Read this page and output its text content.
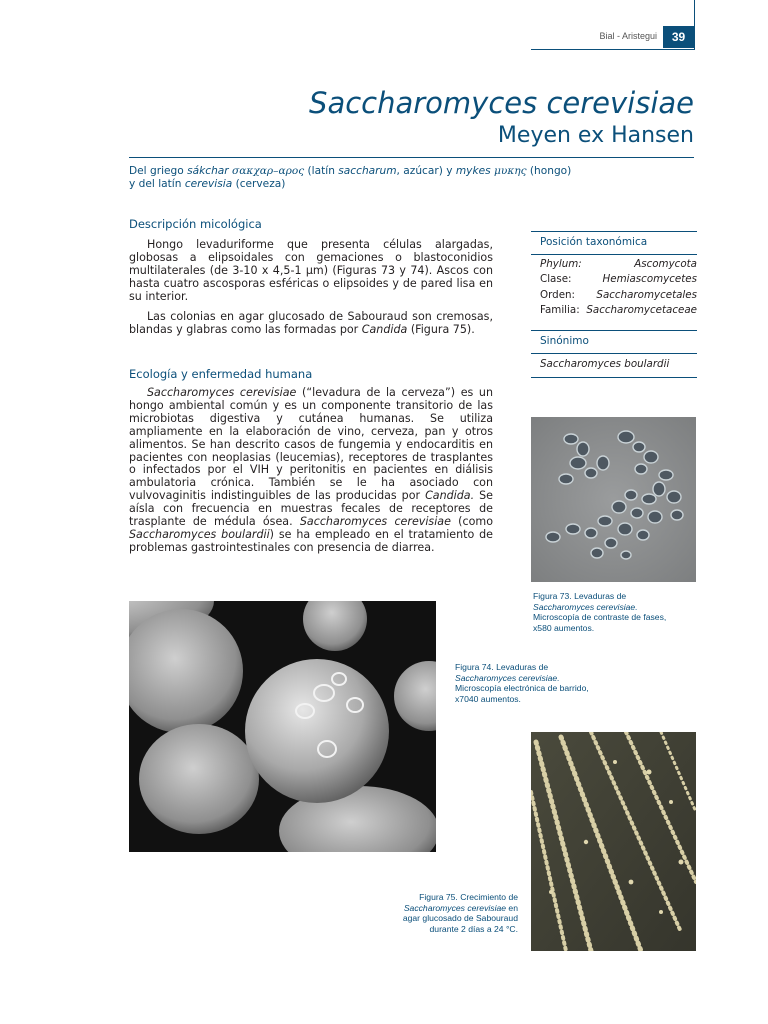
Bial - Aristegui	39
Saccharomyces cerevisiae
Meyen ex Hansen
Del griego sákchar σακχαρ–αρος (latín saccharum, azúcar) y mykes μυκης (hongo)
y del latín cerevisia (cerveza)
Descripción micológica

Hongo levaduriforme que presenta células alargadas, globosas a elipsoidales con gemaciones o blastoconidios multilaterales (de 3-10 x 4,5-1 μm) (Figuras 73 y 74). Ascos con hasta cuatro ascosporas esféricas o elipsoides y de pared lisa en su interior.

Las colonias en agar glucosado de Sabouraud son cremosas, blandas y glabras como las formadas por Candida (Figura 75).

Ecología y enfermedad humana

Saccharomyces cerevisiae (“levadura de la cerveza”) es un hongo ambiental común y es un componente transitorio de las microbiotas digestiva y cutánea humanas. Se utiliza ampliamente en la elaboración de vino, cerveza, pan y otros alimentos. Se han descrito casos de fungemia y endocarditis en pacientes con neoplasias (leucemias), receptores de trasplantes o infectados por el VIH y peritonitis en pacientes en diálisis ambulatoria crónica. También se le ha asociado con vulvovaginitis indistinguibles de las producidas por Candida. Se aísla con frecuencia en muestras fecales de receptores de trasplante de médula ósea. Saccharomyces cerevisiae (como Saccharomyces boulardii) se ha empleado en el tratamiento de problemas gastrointestinales con presencia de diarrea.

Posición taxonómica
Phylum:	Ascomycota
Clase:	Hemiascomycetes
Orden: Saccharomycetales
Familia: Saccharomycetaceae
Sinónimo
Saccharomyces boulardii
Figura 73. Levaduras de
Saccharomyces cerevisiae.
Microscopía de contraste de fases,
x580 aumentos.
Figura 74. Levaduras de
Saccharomyces cerevisiae.
Microscopía electrónica de barrido,
x7040 aumentos.
Figura 75. Crecimiento de
Saccharomyces cerevisiae en
agar glucosado de Sabouraud
durante 2 días a 24 °C.
